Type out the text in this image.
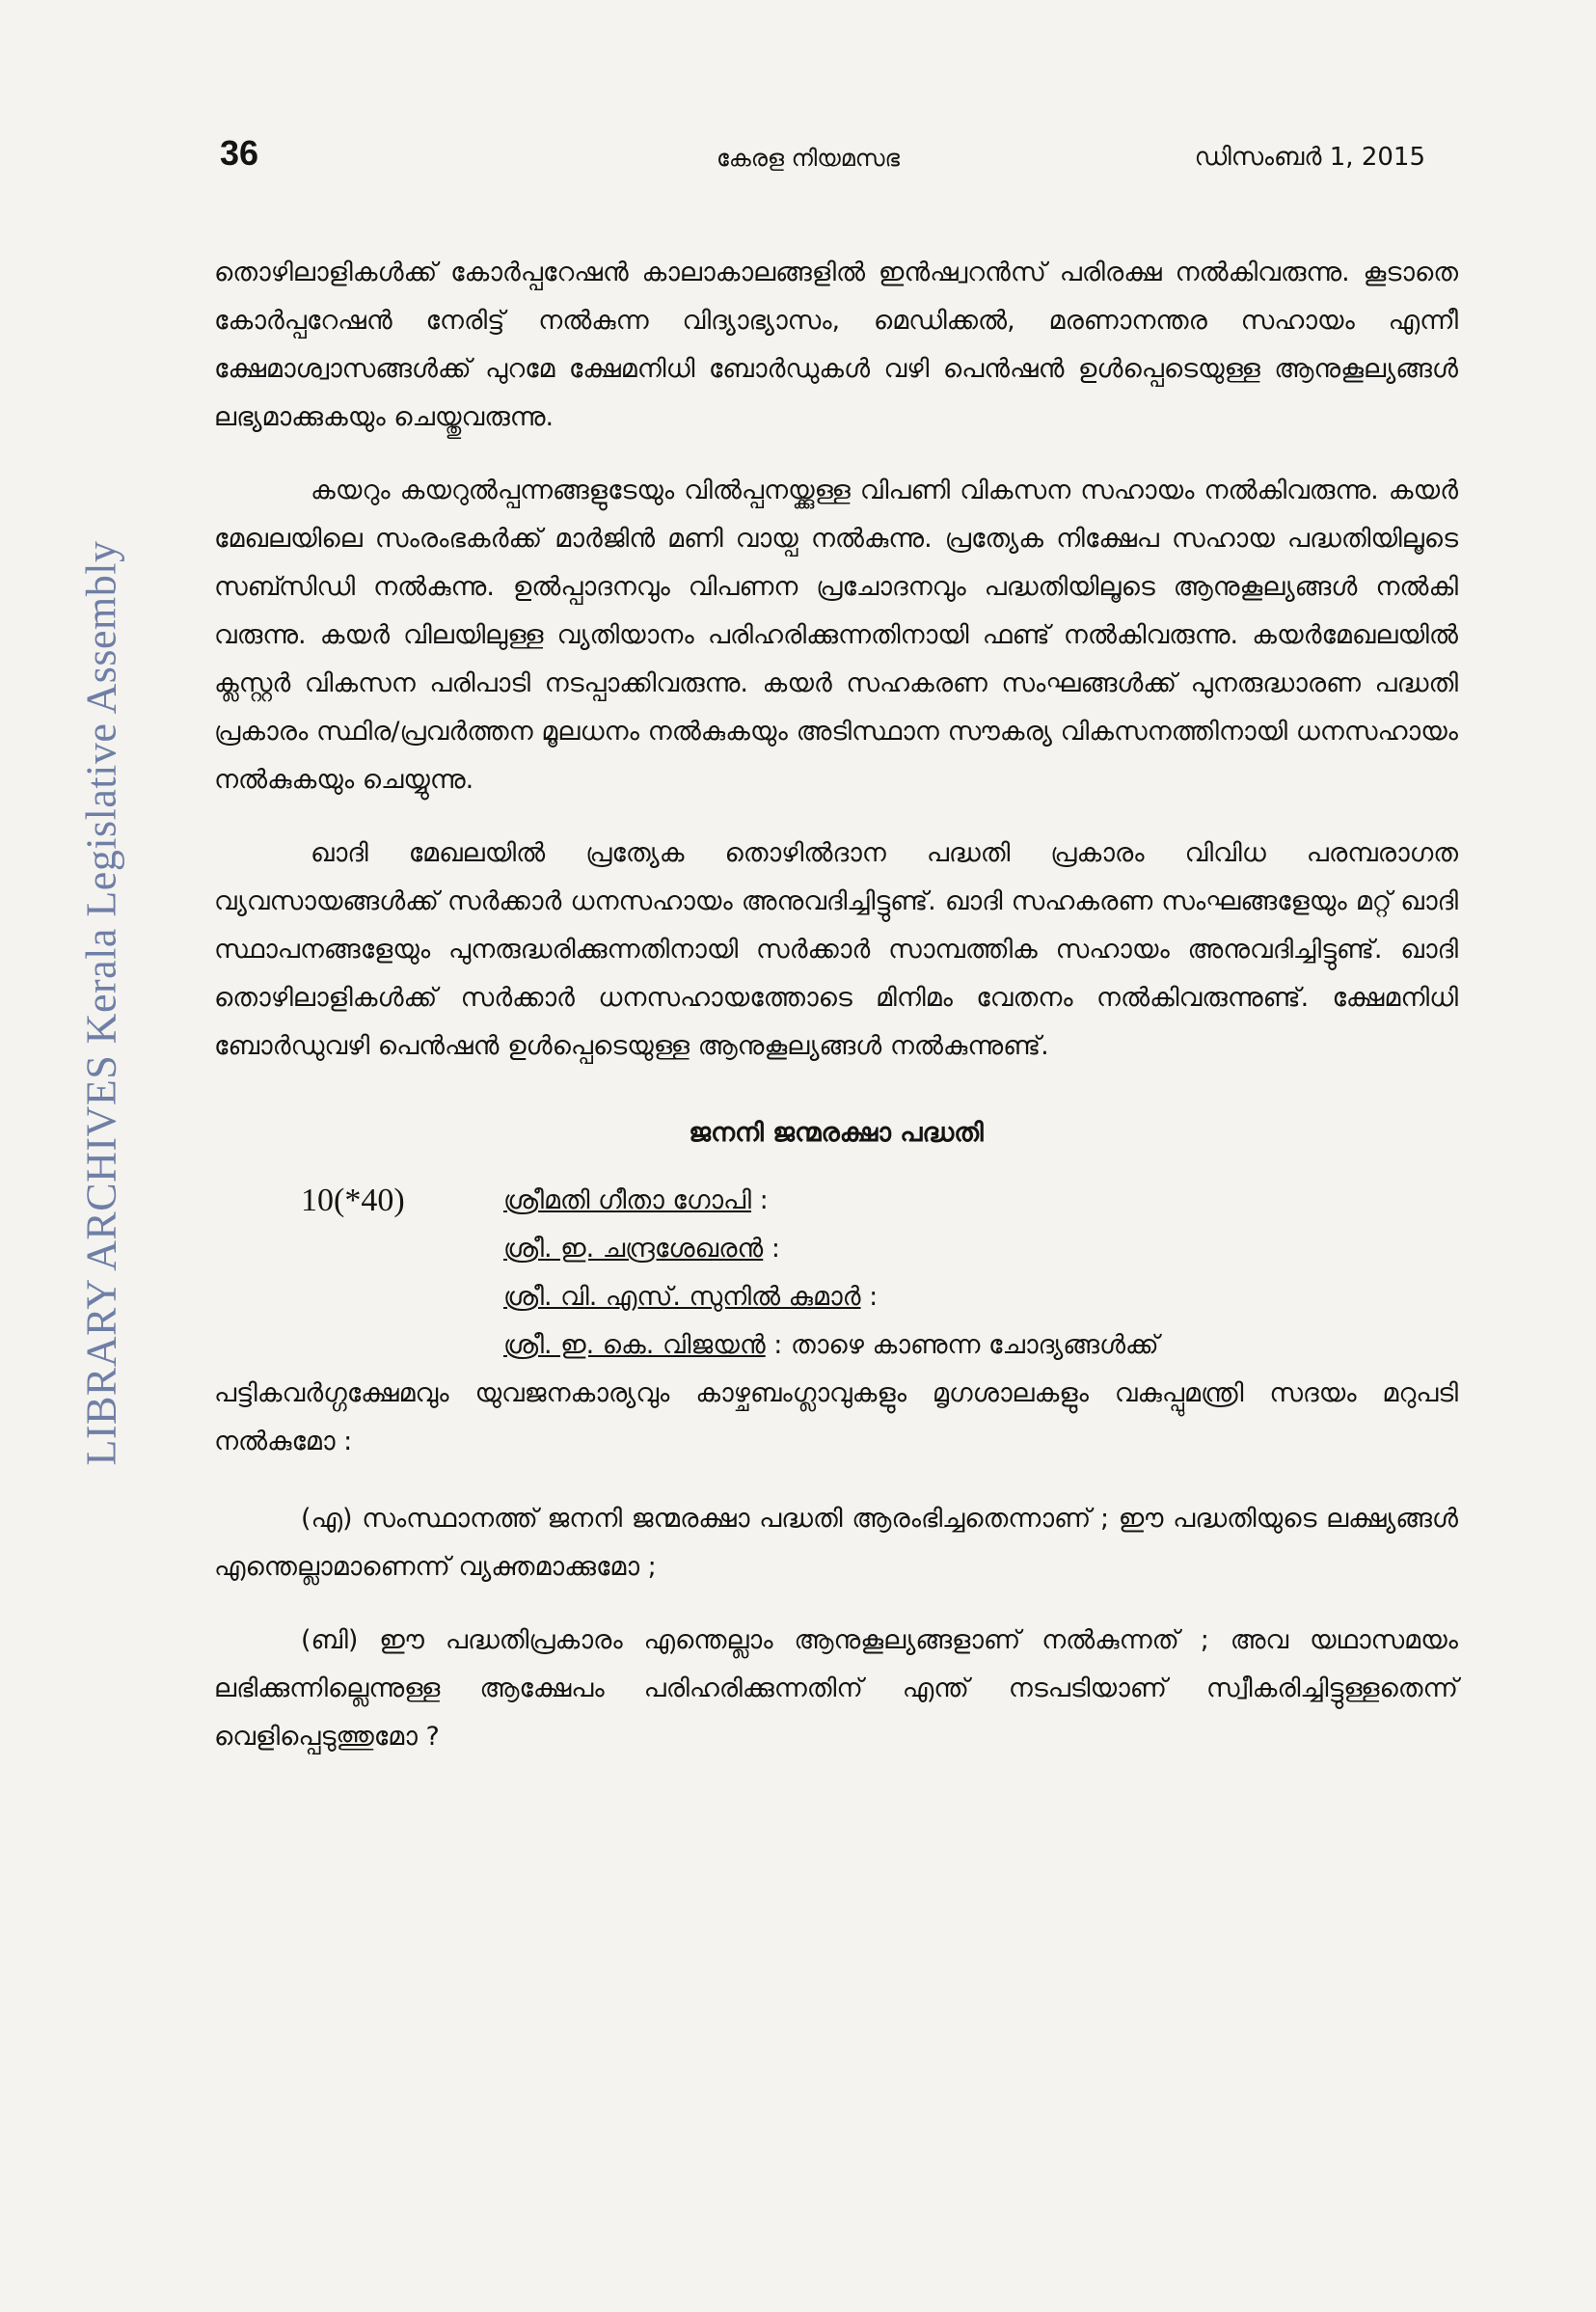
LIBRARY ARCHIVES Kerala Legislative Assembly
36	കേരള നിയമസഭ	ഡിസംബർ 1, 2015

തൊഴിലാളികൾക്ക് കോർപ്പറേഷൻ കാലാകാലങ്ങളിൽ ഇൻഷ്വറൻസ് പരിരക്ഷ നൽകിവരുന്നു. കൂടാതെ കോർപ്പറേഷൻ നേരിട്ട് നൽകുന്ന വിദ്യാഭ്യാസം, മെഡിക്കൽ, മരണാനന്തര സഹായം എന്നീ ക്ഷേമാശ്വാസങ്ങൾക്ക് പുറമേ ക്ഷേമനിധി ബോർഡുകൾ വഴി പെൻഷൻ ഉൾപ്പെടെയുള്ള ആനുകൂല്യങ്ങൾ ലഭ്യമാക്കുകയും ചെയ്തുവരുന്നു.

കയറും കയറുൽപ്പന്നങ്ങളുടേയും വിൽപ്പനയ്ക്കുള്ള വിപണി വികസന സഹായം നൽകിവരുന്നു. കയർ മേഖലയിലെ സംരംഭകർക്ക് മാർജിൻ മണി വായ്പ നൽകുന്നു. പ്രത്യേക നിക്ഷേപ സഹായ പദ്ധതിയിലൂടെ സബ്സിഡി നൽകുന്നു. ഉൽപ്പാദനവും വിപണന പ്രചോദനവും പദ്ധതിയിലൂടെ ആനുകൂല്യങ്ങൾ നൽകി വരുന്നു. കയർ വിലയിലുള്ള വ്യതിയാനം പരിഹരിക്കുന്നതിനായി ഫണ്ട് നൽകിവരുന്നു. കയർമേഖലയിൽ ക്ലസ്റ്റർ വികസന പരിപാടി നടപ്പാക്കിവരുന്നു. കയർ സഹകരണ സംഘങ്ങൾക്ക് പുനരുദ്ധാരണ പദ്ധതി പ്രകാരം സ്ഥിര/പ്രവർത്തന മൂലധനം നൽകുകയും അടിസ്ഥാന സൗകര്യ വികസനത്തിനായി ധനസഹായം നൽകുകയും ചെയ്യുന്നു.

ഖാദി മേഖലയിൽ പ്രത്യേക തൊഴിൽദാന പദ്ധതി പ്രകാരം വിവിധ പരമ്പരാഗത വ്യവസായങ്ങൾക്ക് സർക്കാർ ധനസഹായം അനുവദിച്ചിട്ടുണ്ട്. ഖാദി സഹകരണ സംഘങ്ങളേയും മറ്റ് ഖാദി സ്ഥാപനങ്ങളേയും പുനരുദ്ധരിക്കുന്നതിനായി സർക്കാർ സാമ്പത്തിക സഹായം അനുവദിച്ചിട്ടുണ്ട്. ഖാദി തൊഴിലാളികൾക്ക് സർക്കാർ ധനസഹായത്തോടെ മിനിമം വേതനം നൽകിവരുന്നുണ്ട്. ക്ഷേമനിധി ബോർഡുവഴി പെൻഷൻ ഉൾപ്പെടെയുള്ള ആനുകൂല്യങ്ങൾ നൽകുന്നുണ്ട്.

ജനനി ജന്മരക്ഷാ പദ്ധതി
10(*40)	ശ്രീമതി ഗീതാ ഗോപി :
ശ്രീ. ഇ. ചന്ദ്രശേഖരൻ :
ശ്രീ. വി. എസ്. സുനിൽ കുമാർ :
ശ്രീ. ഇ. കെ. വിജയൻ : താഴെ കാണുന്ന ചോദ്യങ്ങൾക്ക്

പട്ടികവർഗ്ഗക്ഷേമവും യുവജനകാര്യവും കാഴ്ചബംഗ്ലാവുകളും മൃഗശാലകളും വകുപ്പുമന്ത്രി സദയം മറുപടി നൽകുമോ :

(എ) സംസ്ഥാനത്ത് ജനനി ജന്മരക്ഷാ പദ്ധതി ആരംഭിച്ചതെന്നാണ് ; ഈ പദ്ധതിയുടെ ലക്ഷ്യങ്ങൾ എന്തെല്ലാമാണെന്ന് വ്യക്തമാക്കുമോ ;

(ബി) ഈ പദ്ധതിപ്രകാരം എന്തെല്ലാം ആനുകൂല്യങ്ങളാണ് നൽകുന്നത് ; അവ യഥാസമയം ലഭിക്കുന്നില്ലെന്നുള്ള ആക്ഷേപം പരിഹരിക്കുന്നതിന് എന്ത് നടപടിയാണ് സ്വീകരിച്ചിട്ടുള്ളതെന്ന് വെളിപ്പെടുത്തുമോ ?
